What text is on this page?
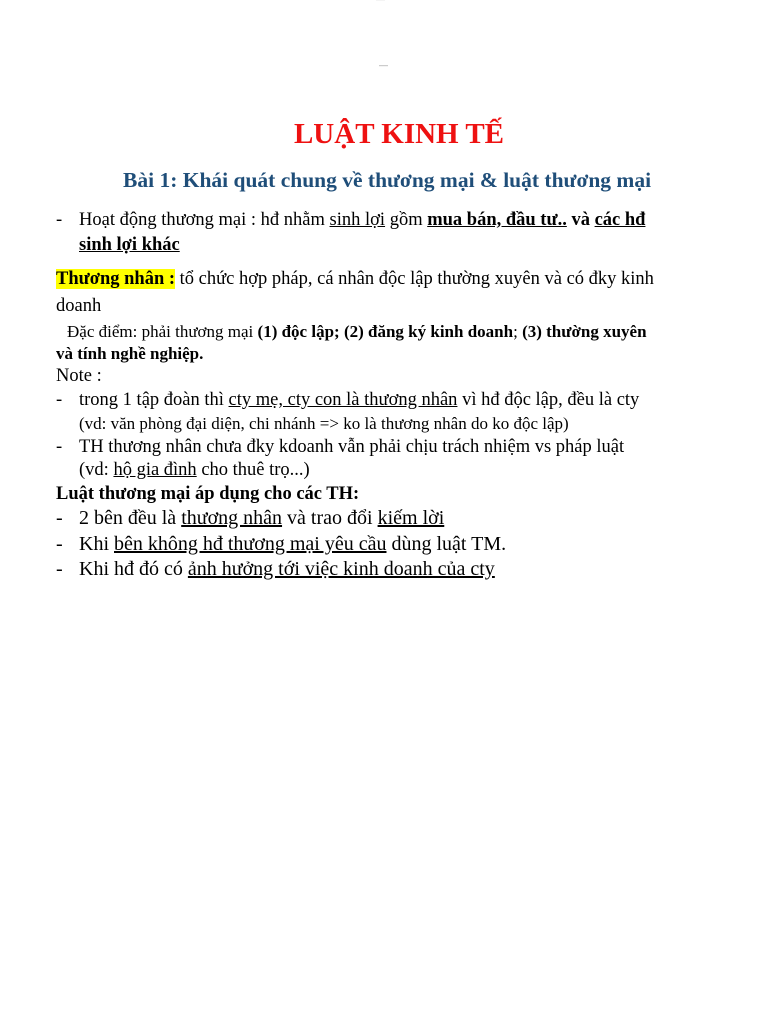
—
LUẬT KINH TẾ
Bài 1: Khái quát chung về thương mại & luật thương mại
- Hoạt động thương mại : hđ nhằm sinh lợi gồm mua bán, đầu tư.. và các hđ
sinh lợi khác
Thương nhân : tổ chức hợp pháp, cá nhân độc lập thường xuyên và có đky kinh
doanh
Đặc điểm: phải thương mại (1) độc lập; (2) đăng ký kinh doanh; (3) thường xuyên
và tính nghề nghiệp.
Note :
- trong 1 tập đoàn thì cty mẹ, cty con là thương nhân vì hđ độc lập, đều là cty
(vd: văn phòng đại diện, chi nhánh => ko là thương nhân do ko độc lập)
- TH thương nhân chưa đky kdoanh vẫn phải chịu trách nhiệm vs pháp luật
(vd: hộ gia đình cho thuê trọ...)
Luật thương mại áp dụng cho các TH:
- 2 bên đều là thương nhân và trao đổi kiếm lời
- Khi bên không hđ thương mại yêu cầu dùng luật TM.
- Khi hđ đó có ảnh hưởng tới việc kinh doanh của cty
